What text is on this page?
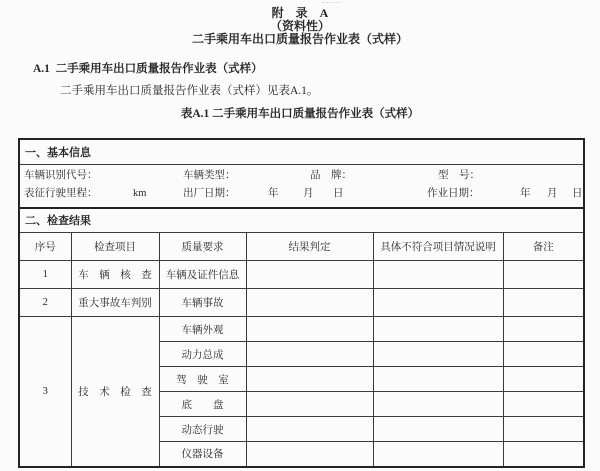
附　录　A
（资料性）
二手乘用车出口质量报告作业表（式样）
A.1  二手乘用车出口质量报告作业表（式样）
二手乘用车出口质量报告作业表（式样）见表A.1。
表A.1 二手乘用车出口质量报告作业表（式样）
一、基本信息					

车辆识别代号：	车辆类型：	品　牌：	型　号：
表征行驶里程：	km	出厂日期：	年 月 日	作业日期：	年 月 日

二、检查结果					
序号	检查项目	质量要求	结果判定	具体不符合项目情况说明	备注
1	车　辆　核　查	车辆及证件信息			
2	重大事故车判别	车辆事故			
3	技　术　检　查	车辆外观			
		动力总成			
		驾　驶　室			
		底　　盘			
		动态行驶			
		仪器设备			
